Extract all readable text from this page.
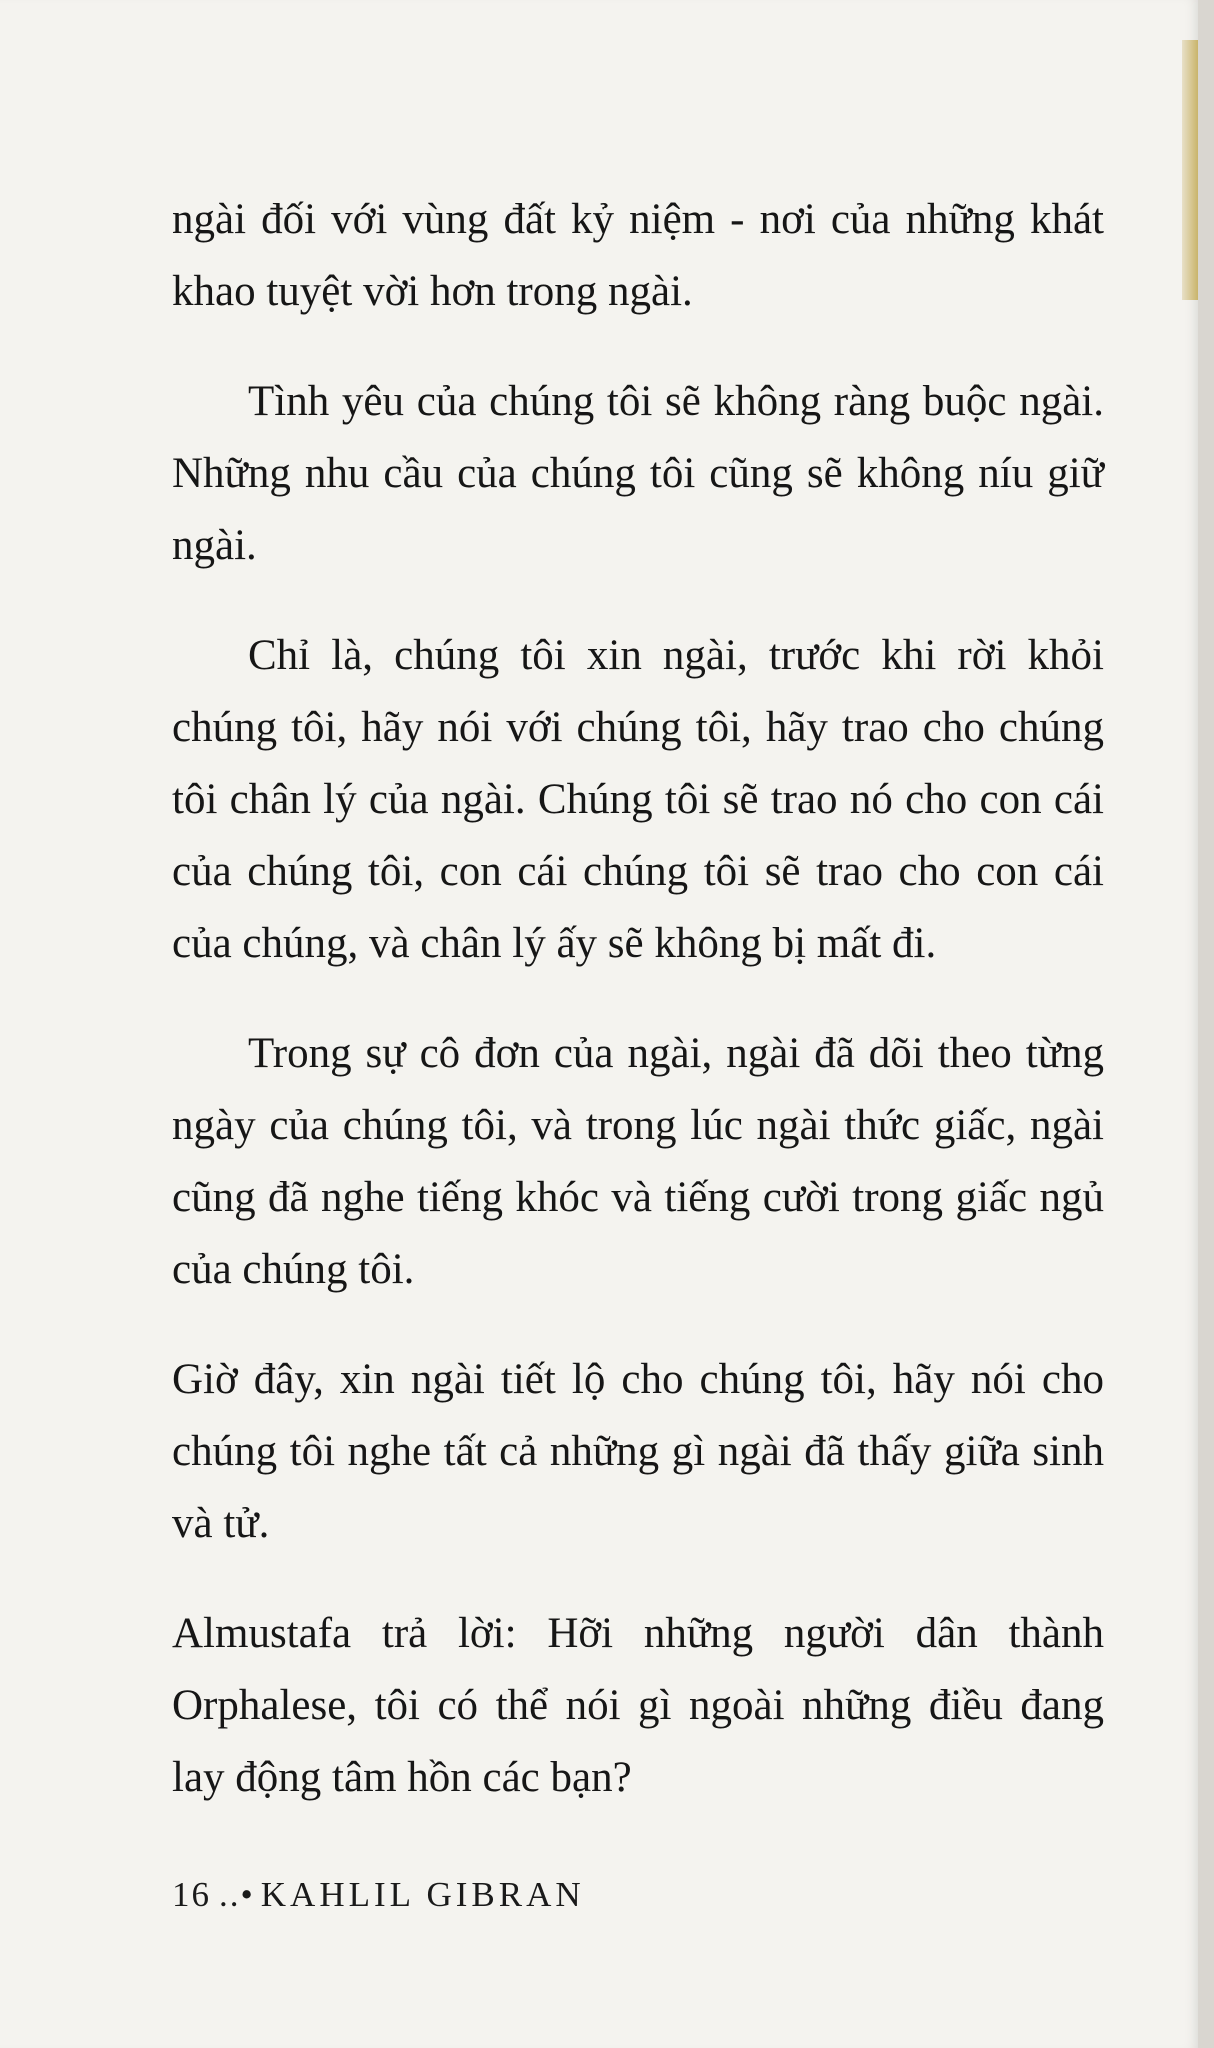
ngài đối với vùng đất kỷ niệm - nơi của những khát khao tuyệt vời hơn trong ngài.

Tình yêu của chúng tôi sẽ không ràng buộc ngài. Những nhu cầu của chúng tôi cũng sẽ không níu giữ ngài.

Chỉ là, chúng tôi xin ngài, trước khi rời khỏi chúng tôi, hãy nói với chúng tôi, hãy trao cho chúng tôi chân lý của ngài. Chúng tôi sẽ trao nó cho con cái của chúng tôi, con cái chúng tôi sẽ trao cho con cái của chúng, và chân lý ấy sẽ không bị mất đi.

Trong sự cô đơn của ngài, ngài đã dõi theo từng ngày của chúng tôi, và trong lúc ngài thức giấc, ngài cũng đã nghe tiếng khóc và tiếng cười trong giấc ngủ của chúng tôi.

Giờ đây, xin ngài tiết lộ cho chúng tôi, hãy nói cho chúng tôi nghe tất cả những gì ngài đã thấy giữa sinh và tử.

Almustafa trả lời: Hỡi những người dân thành Orphalese, tôi có thể nói gì ngoài những điều đang lay động tâm hồn các bạn?

16 ..• KAHLIL GIBRAN
